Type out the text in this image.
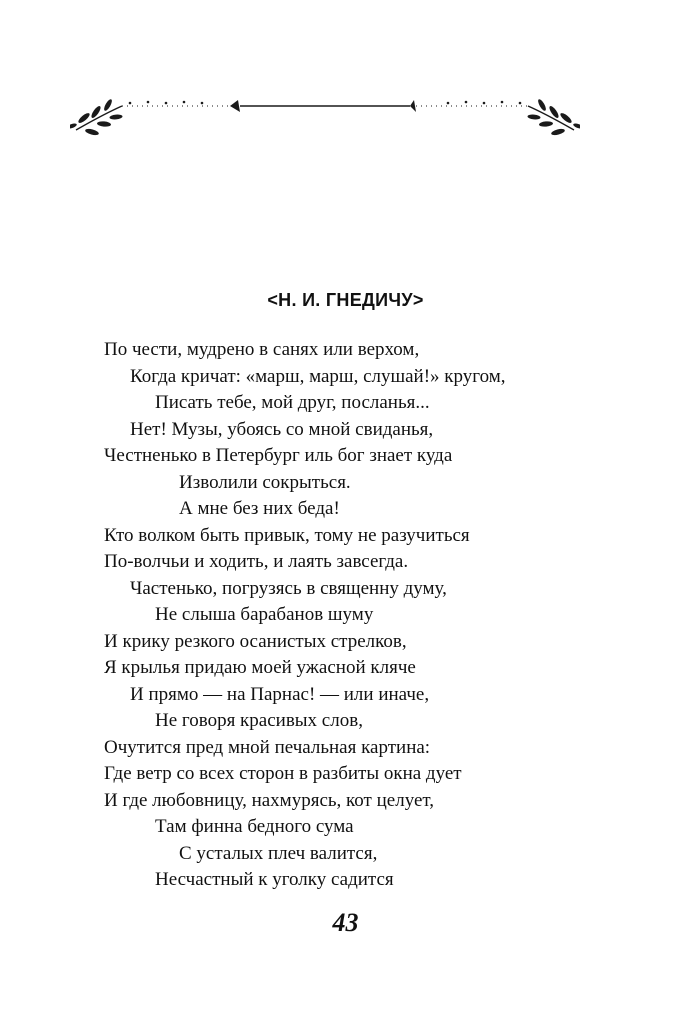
<Н. И. ГНЕДИЧУ>
По чести, мудрено в санях или верхом,
Когда кричат: «марш, марш, слушай!» кругом,
Писать тебе, мой друг, посланья...
Нет! Музы, убоясь со мной свиданья,
Честненько в Петербург иль бог знает куда
Изволили сокрыться.
А мне без них беда!
Кто волком быть привык, тому не разучиться
По-волчьи и ходить, и лаять завсегда.
Частенько, погрузясь в священну думу,
Не слыша барабанов шуму
И крику резкого осанистых стрелков,
Я крылья придаю моей ужасной кляче
И прямо — на Парнас! — или иначе,
Не говоря красивых слов,
Очутится пред мной печальная картина:
Где ветр со всех сторон в разбиты окна дует
И где любовницу, нахмурясь, кот целует,
Там финна бедного сума
С усталых плеч валится,
Несчастный к уголку садится
43
